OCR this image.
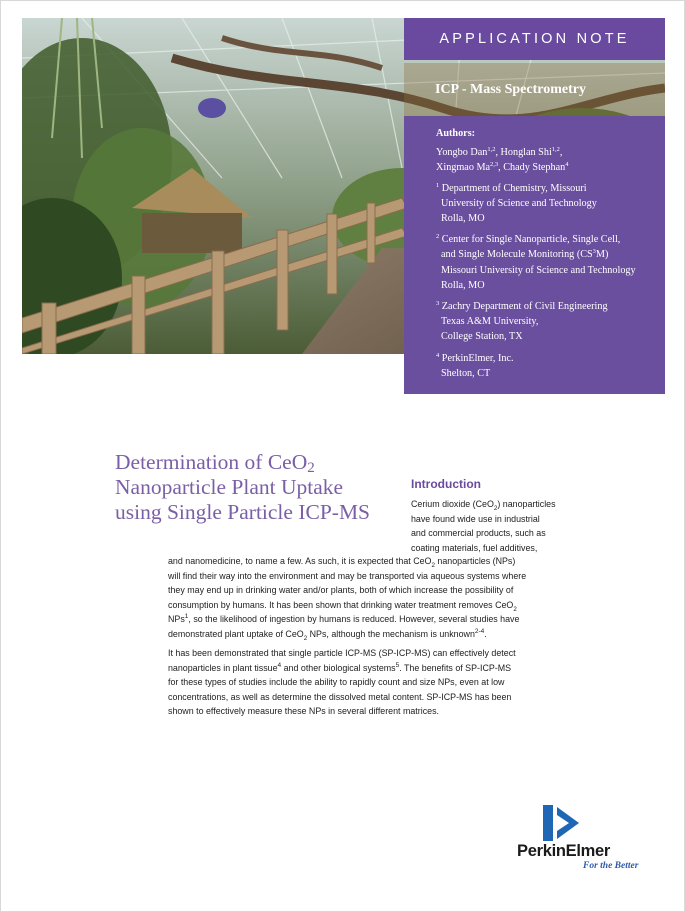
APPLICATION NOTE
ICP - Mass Spectrometry
Authors:
Yongbo Dan$^{1,2}$, Honglan Shi$^{1,2}$,
Xingmao Ma$^{2,3}$, Chady Stephan$^4$
$^1$ Department of Chemistry, Missouri
University of Science and Technology
Rolla, MO
$^2$ Center for Single Nanoparticle, Single Cell,
and Single Molecule Monitoring $(CS^3M)$
Missouri University of Science and Technology
Rolla, MO
$^3$ Zachry Department of Civil Engineering
Texas A&M University,
College Station, TX
$^4$ PerkinElmer, Inc.
Shelton, CT
Determination of CeO$_2$
Nanoparticle Plant Uptake
using Single Particle ICP-MS
Introduction
Cerium dioxide (CeO$_2$) nanoparticles
have found wide use in industrial
and commercial products, such as
coating materials, fuel additives,
and nanomedicine, to name a few. As such, it is expected that CeO$_2$ nanoparticles (NPs)
will find their way into the environment and may be transported via aqueous systems where
they may end up in drinking water and/or plants, both of which increase the possibility of
consumption by humans. It has been shown that drinking water treatment removes CeO$_2$
NPs$^1$, so the likelihood of ingestion by humans is reduced. However, several studies have
demonstrated plant uptake of CeO$_2$ NPs, although the mechanism is unknown$^{2-4}$.
It has been demonstrated that single particle ICP-MS (SP-ICP-MS) can effectively detect
nanoparticles in plant tissue$^4$ and other biological systems$^5$. The benefits of SP-ICP-MS
for these types of studies include the ability to rapidly count and size NPs, even at low
concentrations, as well as determine the dissolved metal content. SP-ICP-MS has been
shown to effectively measure these NPs in several different matrices.
PerkinElmer
For the Better
